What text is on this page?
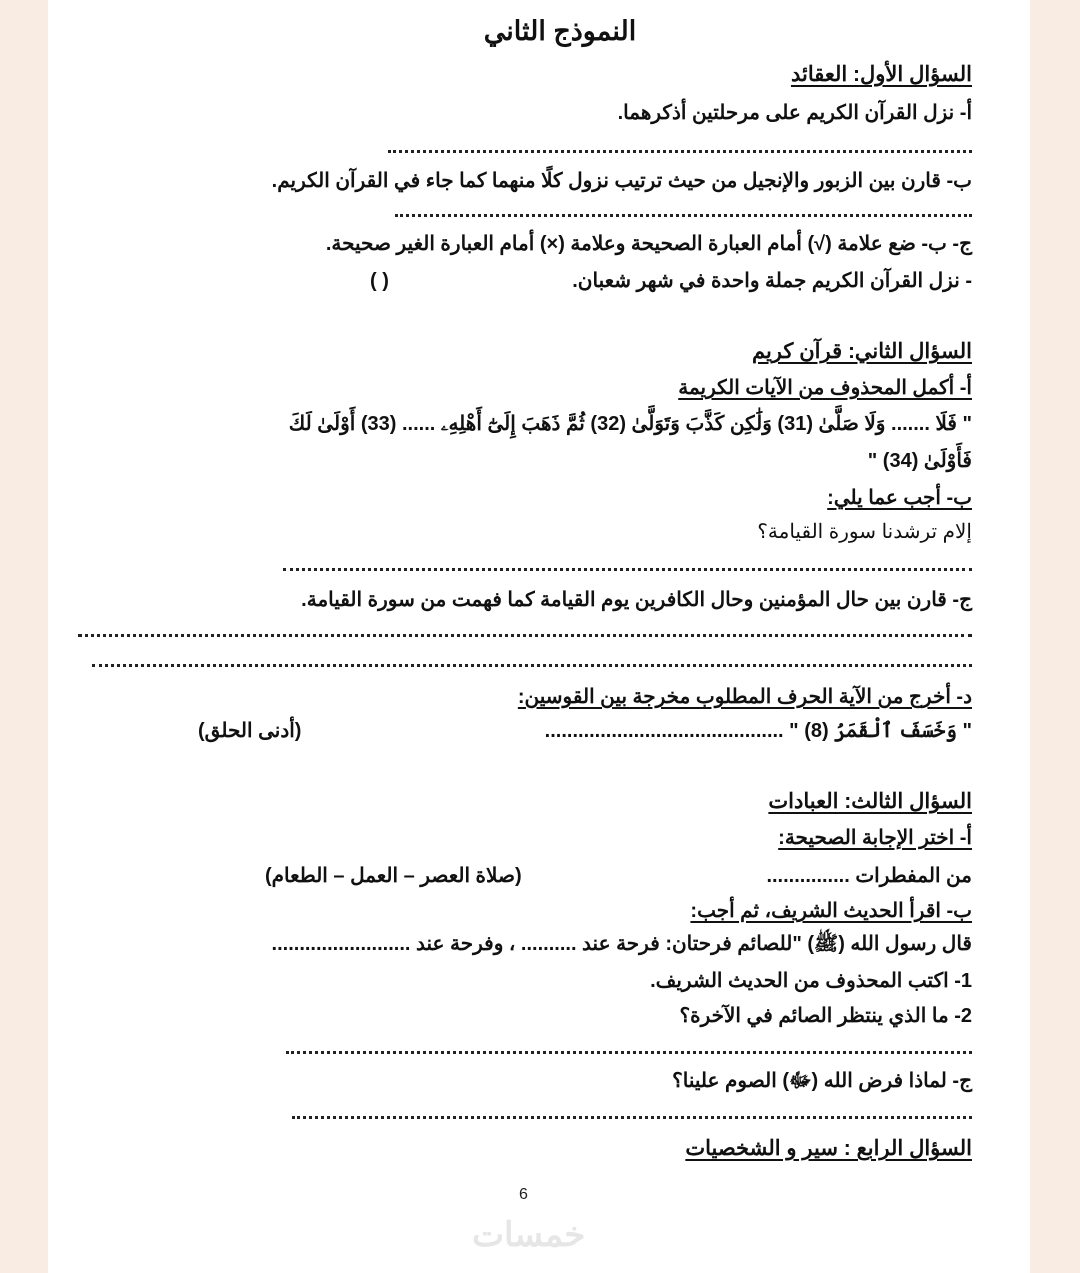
النموذج الثاني
السؤال الأول: العقائد
أ- نزل القرآن الكريم على مرحلتين أذكرهما.
ب- قارن بين الزبور والإنجيل من حيث ترتيب نزول كلًا منهما كما جاء في القرآن الكريم.
ج- ب- ضع علامة (√) أمام العبارة الصحيحة وعلامة (×) أمام العبارة الغير صحيحة.
- نزل القرآن الكريم جملة واحدة في شهر شعبان.
( )
السؤال الثاني: قرآن كريم
أ- أكمل المحذوف من الآيات الكريمة
" فَلَا ....... وَلَا صَلَّىٰ (31) وَلَٰكِن كَذَّبَ وَتَوَلَّىٰ (32) ثُمَّ ذَهَبَ إِلَىٰٓ أَهْلِهِۦ ...... (33) أَوْلَىٰ لَكَ
فَأَوْلَىٰ (34) "
ب- أجب عما يلي:
إلام ترشدنا سورة القيامة؟
ج- قارن بين حال المؤمنين وحال الكافرين يوم القيامة كما فهمت من سورة القيامة.
د- أخرج من الآية الحرف المطلوب مخرجة بين القوسين:
" وَخَسَفَ ٱلْقَمَرُ (8) " ...........................................
(أدنى الحلق)
السؤال الثالث: العبادات
أ- اختر الإجابة الصحيحة:
من المفطرات ...............
(صلاة العصر – العمل – الطعام)
ب- اقرأ الحديث الشريف، ثم أجب:
قال رسول الله (ﷺ) "للصائم فرحتان: فرحة عند .......... ، وفرحة عند .........................
1- اكتب المحذوف من الحديث الشريف.
2- ما الذي ينتظر الصائم في الآخرة؟
ج- لماذا فرض الله (ﷻ) الصوم علينا؟
السؤال الرابع : سير و الشخصيات
6
خمسات
